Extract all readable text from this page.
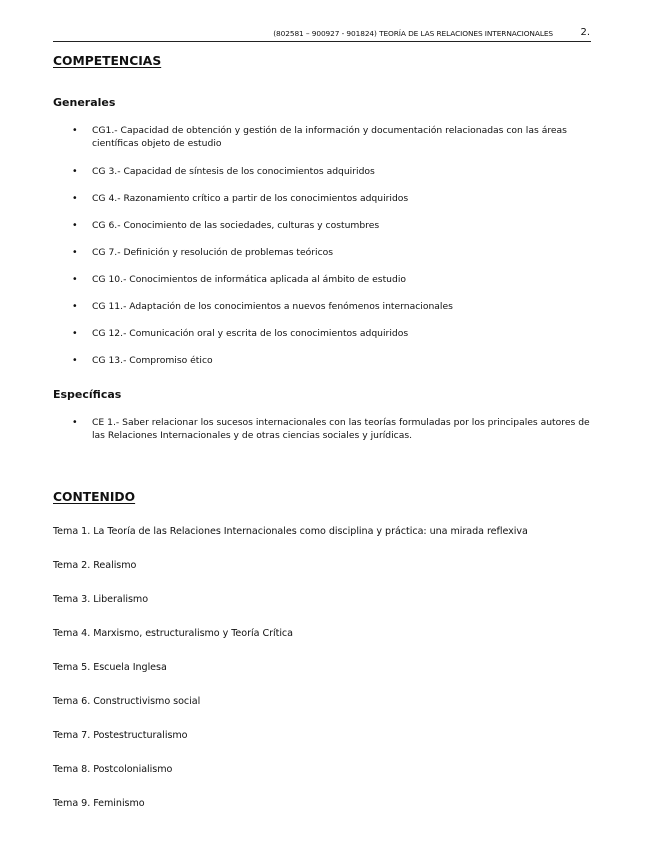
(802581 – 900927 - 901824) TEORÍA DE LAS RELACIONES INTERNACIONALES	2.
COMPETENCIAS
Generales
• CG1.- Capacidad de obtención y gestión de la información y documentación relacionadas con las áreas científicas objeto de estudio
• CG 3.- Capacidad de síntesis de los conocimientos adquiridos
• CG 4.- Razonamiento crítico a partir de los conocimientos adquiridos
• CG 6.- Conocimiento de las sociedades, culturas y costumbres
• CG 7.- Definición y resolución de problemas teóricos
• CG 10.- Conocimientos de informática aplicada al ámbito de estudio
• CG 11.- Adaptación de los conocimientos a nuevos fenómenos internacionales
• CG 12.- Comunicación oral y escrita de los conocimientos adquiridos
• CG 13.- Compromiso ético
Específicas
• CE 1.- Saber relacionar los sucesos internacionales con las teorías formuladas por los principales autores de las Relaciones Internacionales y de otras ciencias sociales y jurídicas.
CONTENIDO
Tema 1. La Teoría de las Relaciones Internacionales como disciplina y práctica: una mirada reflexiva
Tema 2. Realismo
Tema 3. Liberalismo
Tema 4. Marxismo, estructuralismo y Teoría Crítica
Tema 5. Escuela Inglesa
Tema 6. Constructivismo social
Tema 7. Postestructuralismo
Tema 8. Postcolonialismo
Tema 9. Feminismo
